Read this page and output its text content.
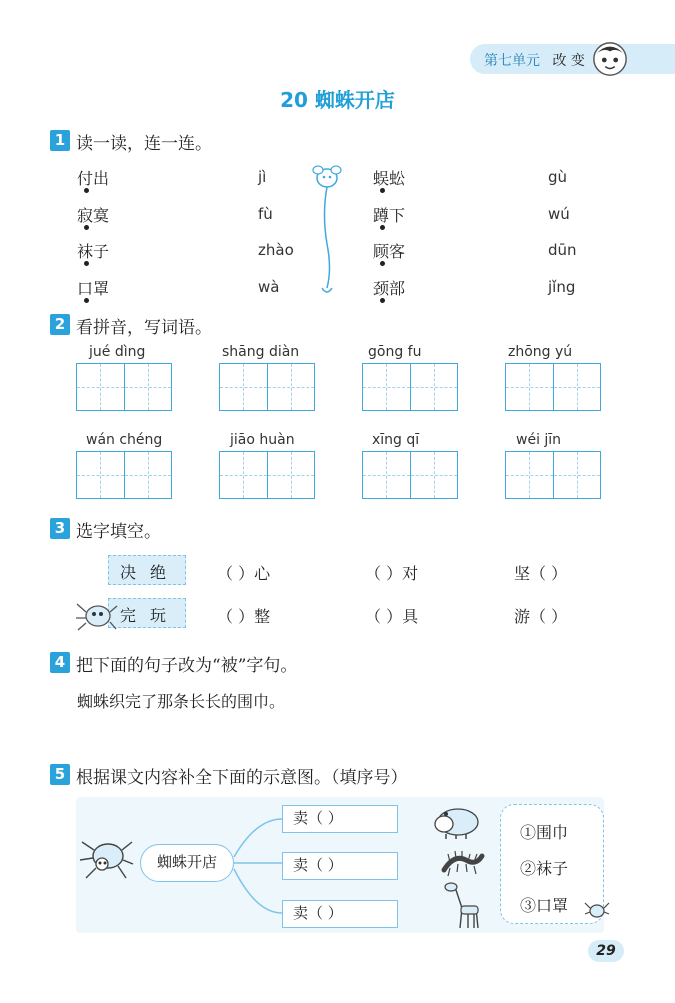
第七单元 改 变
20 蜘蛛开店
1 读一读，连一连。
付出
寂寞
袜子
口罩
jì
fù
zhào
wà
蜈蚣
蹲下
顾客
颈部
gù
wú
dūn
jǐng
2 看拼音，写词语。
jué dìng	shāng diàn	gōng fu	zhōng yú
wán chéng	jiāo huàn	xīng qī	wéi jīn
3 选字填空。
决绝
完玩
（ ）心	（ ）对	坚（ ）
（ ）整	（ ）具	游（ ）
4 把下面的句子改为“被”字句。
蜘蛛织完了那条长长的围巾。
5 根据课文内容补全下面的示意图。（填序号）
蜘蛛开店
卖（ ）
卖（ ）
卖（ ）
①围巾
②袜子
③口罩
29
